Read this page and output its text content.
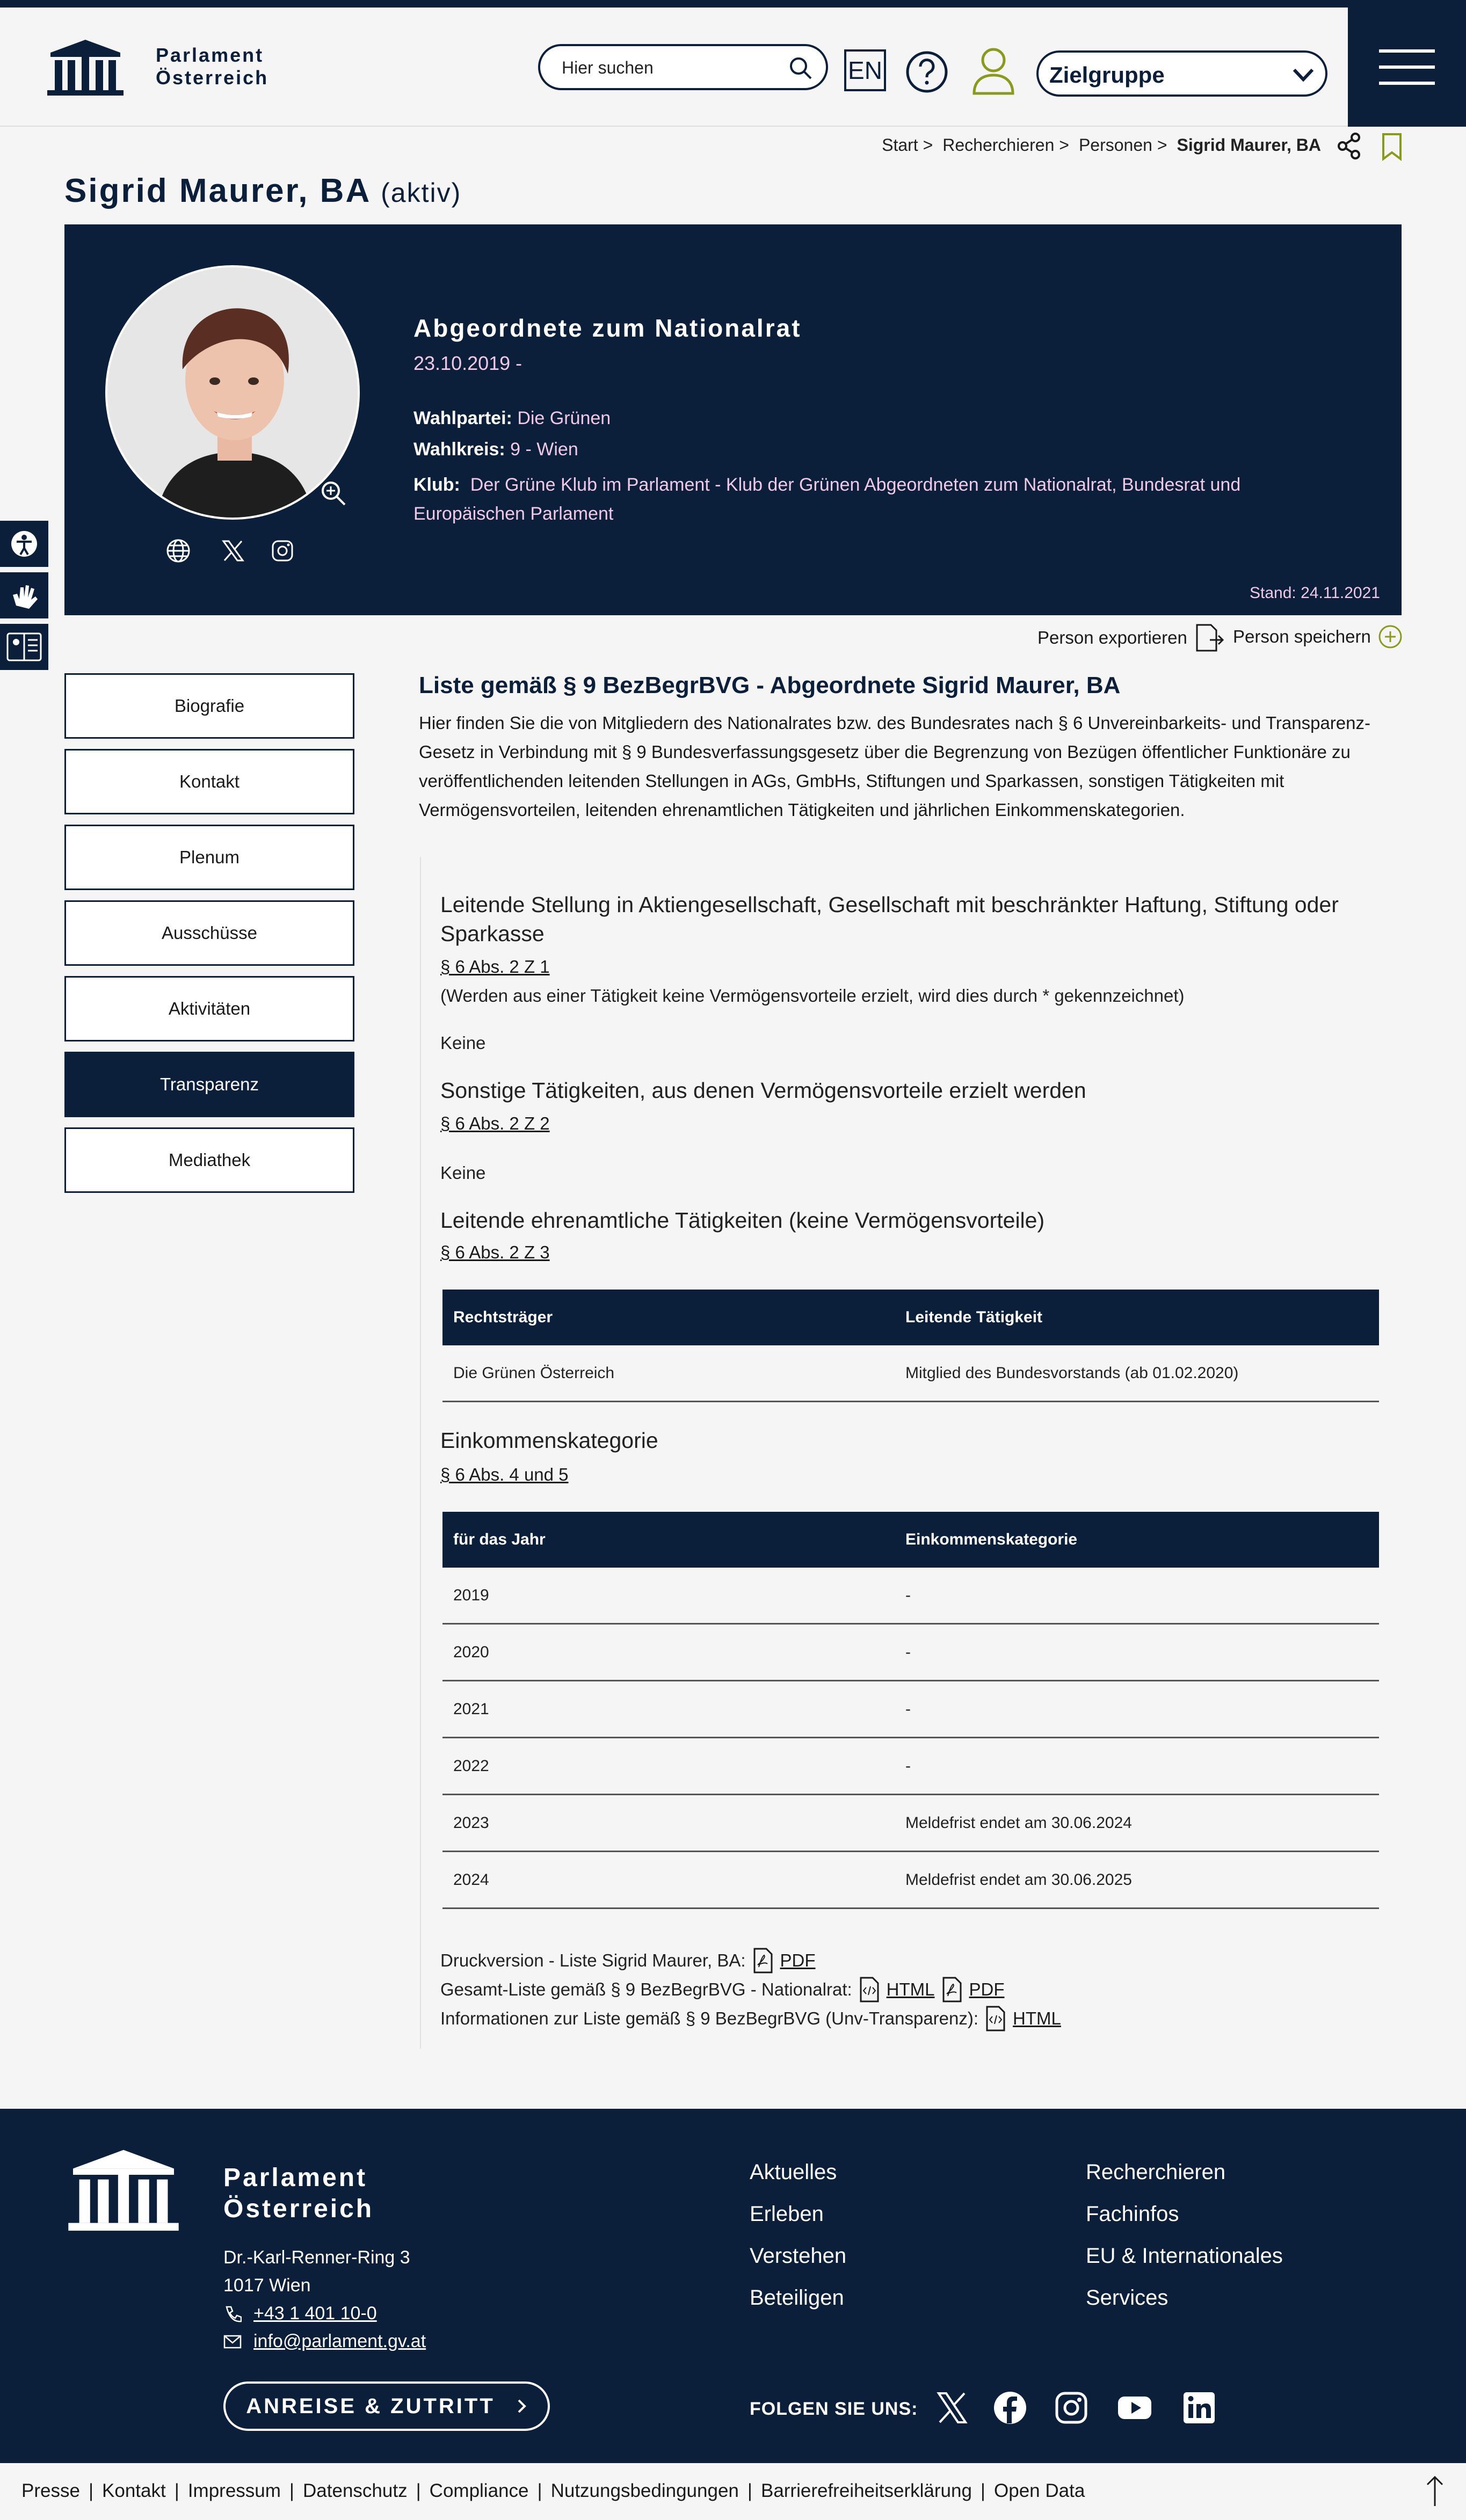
Parlament
Österreich
Hier suchen	EN	Zielgruppe
Start > Recherchieren > Personen > Sigrid Maurer, BA
Sigrid Maurer, BA (aktiv)
Abgeordnete zum Nationalrat
23.10.2019 -
Wahlpartei: Die Grünen
Wahlkreis: 9 - Wien
Klub: Der Grüne Klub im Parlament - Klub der Grünen Abgeordneten zum Nationalrat, Bundesrat und
Europäischen Parlament
Stand: 24.11.2021
Person exportieren	Person speichern
Biografie
Kontakt
Plenum
Ausschüsse
Aktivitäten
Transparenz
Mediathek
Liste gemäß § 9 BezBegrBVG - Abgeordnete Sigrid Maurer, BA

Hier finden Sie die von Mitgliedern des Nationalrates bzw. des Bundesrates nach § 6 Unvereinbarkeits- und Transparenz-Gesetz in Verbindung mit § 9 Bundesverfassungsgesetz über die Begrenzung von Bezügen öffentlicher Funktionäre zu veröffentlichenden leitenden Stellungen in AGs, GmbHs, Stiftungen und Sparkassen, sonstigen Tätigkeiten mit Vermögensvorteilen, leitenden ehrenamtlichen Tätigkeiten und jährlichen Einkommenskategorien.

Leitende Stellung in Aktiengesellschaft, Gesellschaft mit beschränkter Haftung, Stiftung oder
Sparkasse
§ 6 Abs. 2 Z 1
(Werden aus einer Tätigkeit keine Vermögensvorteile erzielt, wird dies durch * gekennzeichnet)
Keine
Sonstige Tätigkeiten, aus denen Vermögensvorteile erzielt werden
§ 6 Abs. 2 Z 2
Keine
Leitende ehrenamtliche Tätigkeiten (keine Vermögensvorteile)
§ 6 Abs. 2 Z 3
Rechtsträger	Leitende Tätigkeit
Die Grünen Österreich	Mitglied des Bundesvorstands (ab 01.02.2020)
Einkommenskategorie
§ 6 Abs. 4 und 5
für das Jahr	Einkommenskategorie
2019	-
2020	-
2021	-
2022	-
2023	Meldefrist endet am 30.06.2024
2024	Meldefrist endet am 30.06.2025
Druckversion - Liste Sigrid Maurer, BA: PDF
Gesamt-Liste gemäß § 9 BezBegrBVG - Nationalrat: HTML PDF
Informationen zur Liste gemäß § 9 BezBegrBVG (Unv-Transparenz): HTML
Parlament
Österreich
Dr.-Karl-Renner-Ring 3
1017 Wien
+43 1 401 10-0
info@parlament.gv.at
Aktuelles
Erleben
Verstehen
Beteiligen
Recherchieren
Fachinfos
EU & Internationales
Services
ANREISE & ZUTRITT	FOLGEN SIE UNS:
Presse | Kontakt | Impressum | Datenschutz | Compliance | Nutzungsbedingungen | Barrierefreiheitserklärung | Open Data
